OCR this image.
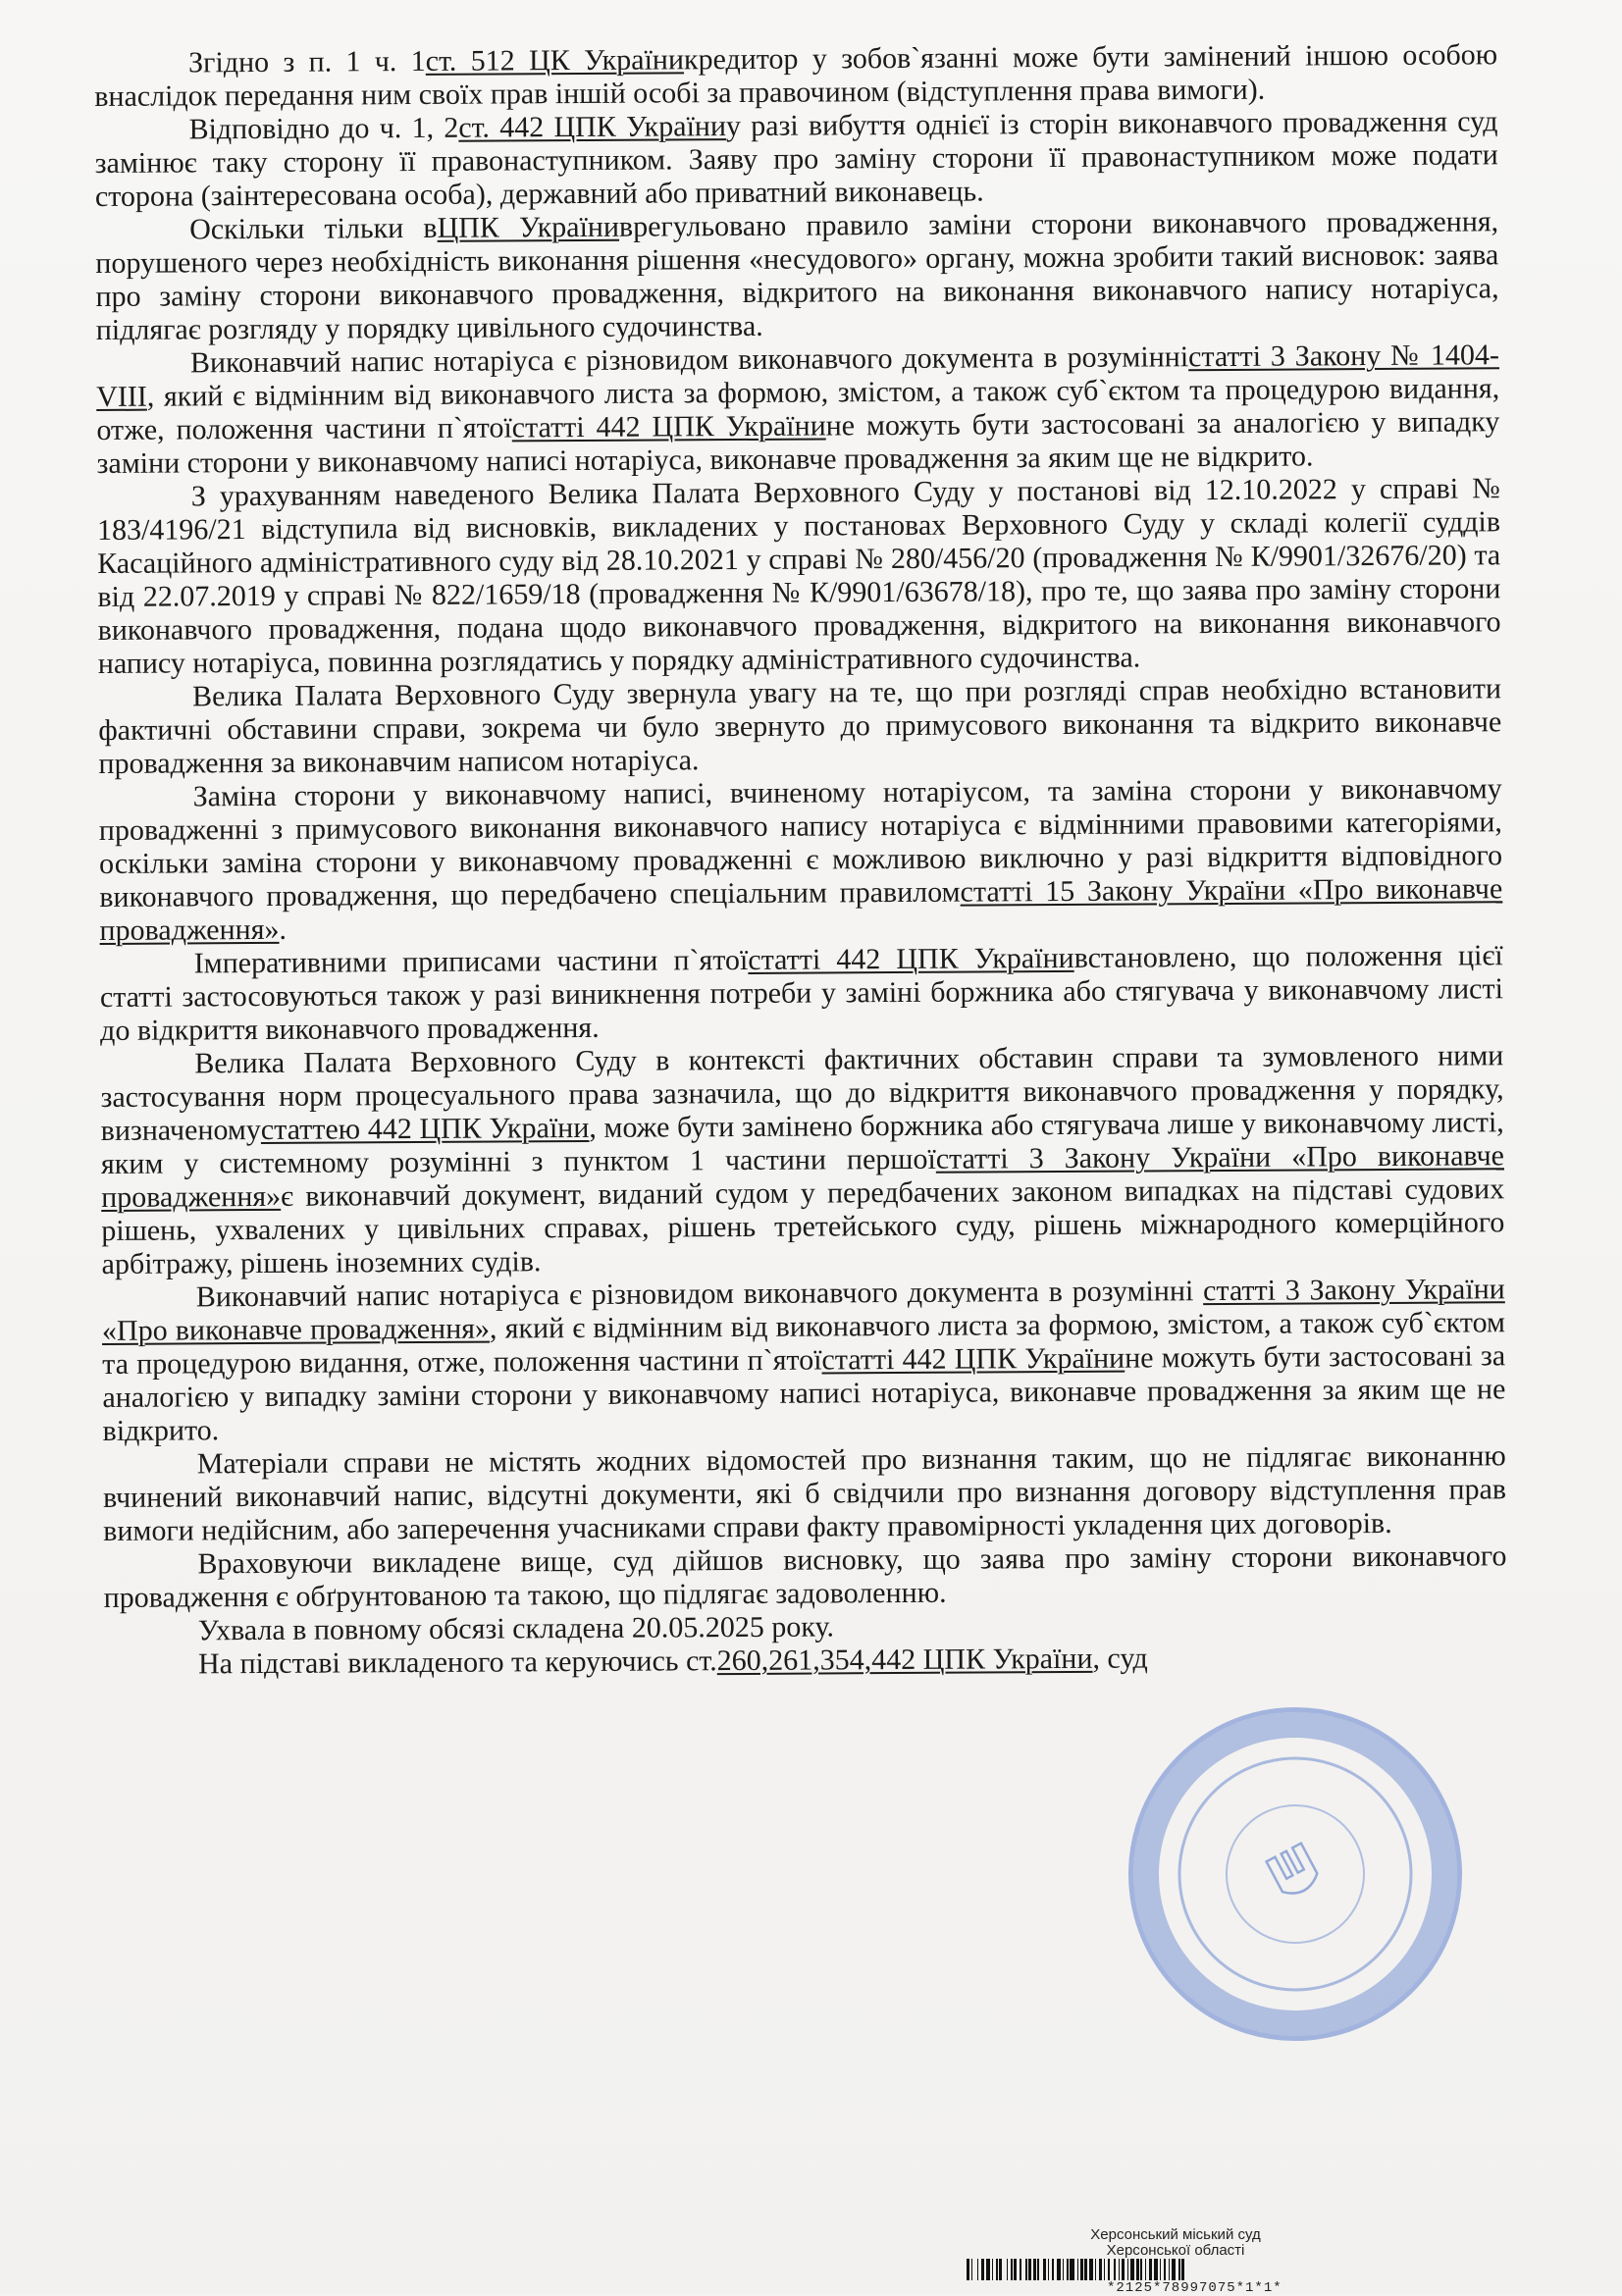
Згідно з п. 1 ч. 1ст. 512 ЦК Україникредитор у зобов`язанні може бути замінений іншою особою внаслідок передання ним своїх прав іншій особі за правочином (відступлення права вимоги).

Відповідно до ч. 1, 2ст. 442 ЦПК Україниу разі вибуття однієї із сторін виконавчого провадження суд замінює таку сторону її правонаступником. Заяву про заміну сторони її правонаступником може подати сторона (заінтересована особа), державний або приватний виконавець.

Оскільки тільки вЦПК Україниврегульовано правило заміни сторони виконавчого провадження, порушеного через необхідність виконання рішення «несудового» органу, можна зробити такий висновок: заява про заміну сторони виконавчого провадження, відкритого на виконання виконавчого напису нотаріуса, підлягає розгляду у порядку цивільного судочинства.

Виконавчий напис нотаріуса є різновидом виконавчого документа в розумінністатті 3 Закону № 1404-VIII, який є відмінним від виконавчого листа за формою, змістом, а також суб`єктом та процедурою видання, отже, положення частини п`ятоїстатті 442 ЦПК Українине можуть бути застосовані за аналогією у випадку заміни сторони у виконавчому написі нотаріуса, виконавче провадження за яким ще не відкрито.

З урахуванням наведеного Велика Палата Верховного Суду у постанові від 12.10.2022 у справі № 183/4196/21 відступила від висновків, викладених у постановах Верховного Суду у складі колегії суддів Касаційного адміністративного суду від 28.10.2021 у справі № 280/456/20 (провадження № К/9901/32676/20) та від 22.07.2019 у справі № 822/1659/18 (провадження № К/9901/63678/18), про те, що заява про заміну сторони виконавчого провадження, подана щодо виконавчого провадження, відкритого на виконання виконавчого напису нотаріуса, повинна розглядатись у порядку адміністративного судочинства.

Велика Палата Верховного Суду звернула увагу на те, що при розгляді справ необхідно встановити фактичні обставини справи, зокрема чи було звернуто до примусового виконання та відкрито виконавче провадження за виконавчим написом нотаріуса.

Заміна сторони у виконавчому написі, вчиненому нотаріусом, та заміна сторони у виконавчому провадженні з примусового виконання виконавчого напису нотаріуса є відмінними правовими категоріями, оскільки заміна сторони у виконавчому провадженні є можливою виключно у разі відкриття відповідного виконавчого провадження, що передбачено спеціальним правиломстатті 15 Закону України «Про виконавче провадження».

Імперативними приписами частини п`ятоїстатті 442 ЦПК Українивстановлено, що положення цієї статті застосовуються також у разі виникнення потреби у заміні боржника або стягувача у виконавчому листі до відкриття виконавчого провадження.

Велика Палата Верховного Суду в контексті фактичних обставин справи та зумовленого ними застосування норм процесуального права зазначила, що до відкриття виконавчого провадження у порядку, визначеномустаттею 442 ЦПК України, може бути замінено боржника або стягувача лише у виконавчому листі, яким у системному розумінні з пунктом 1 частини першоїстатті 3 Закону України «Про виконавче провадження»є виконавчий документ, виданий судом у передбачених законом випадках на підставі судових рішень, ухвалених у цивільних справах, рішень третейського суду, рішень міжнародного комерційного арбітражу, рішень іноземних судів.

Виконавчий напис нотаріуса є різновидом виконавчого документа в розумінні статті 3 Закону України «Про виконавче провадження», який є відмінним від виконавчого листа за формою, змістом, а також суб`єктом та процедурою видання, отже, положення частини п`ятоїстатті 442 ЦПК Українине можуть бути застосовані за аналогією у випадку заміни сторони у виконавчому написі нотаріуса, виконавче провадження за яким ще не відкрито.

Матеріали справи не містять жодних відомостей про визнання таким, що не підлягає виконанню вчинений виконавчий напис, відсутні документи, які б свідчили про визнання договору відступлення прав вимоги недійсним, або заперечення учасниками справи факту правомірності укладення цих договорів.

Враховуючи викладене вище, суд дійшов висновку, що заява про заміну сторони виконавчого провадження є обґрунтованою та такою, що підлягає задоволенню.

Ухвала в повному обсязі складена 20.05.2025 року.

На підставі викладеного та керуючись ст.260,261,354,442 ЦПК України, суд

Херсонський міський суд
Херсонської області
*2125*78997075*1*1*
